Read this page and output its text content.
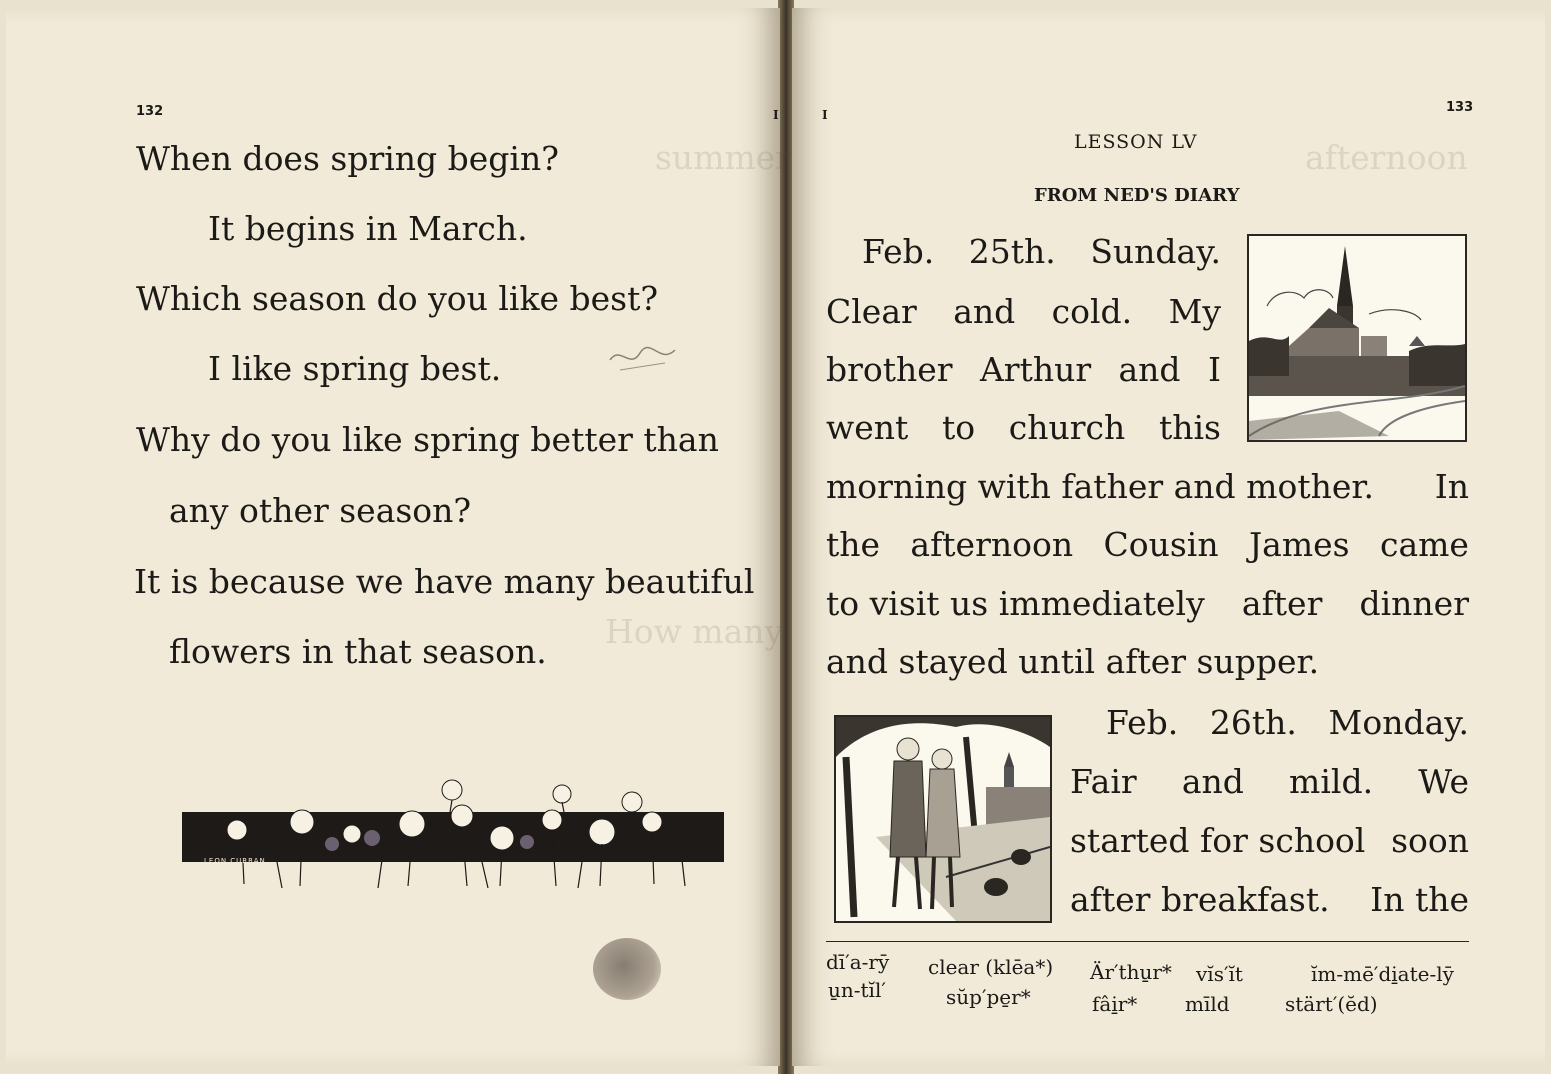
summer
How many
132	I
When does spring begin?
It begins in March.
Which season do you like best?
I like spring best.
Why do you like spring better than
any other season?
It is because we have many beautiful
flowers in that season.
LEON CURRAN
afternoon
I	133
LESSON LV
FROM NED'S DIARY
Feb. 25th. Sunday.
Clear and cold. My
brother Arthur and I
went to church this
morning with father and mother. In
the afternoon Cousin James came
to visit us immediately after dinner
and stayed until after supper.
Feb. 26th. Monday.
Fair and mild. We
started for school soon
after breakfast. In the
dī′a-rȳ
u̱n-tĭl′
clear (klēa*)
sŭp′pe̱r*
Är′thu̱r*
fâi̱r*
vĭs′ĭt
mīld
ĭm-mē′di̱ate-lȳ
stärt′(ĕd)
